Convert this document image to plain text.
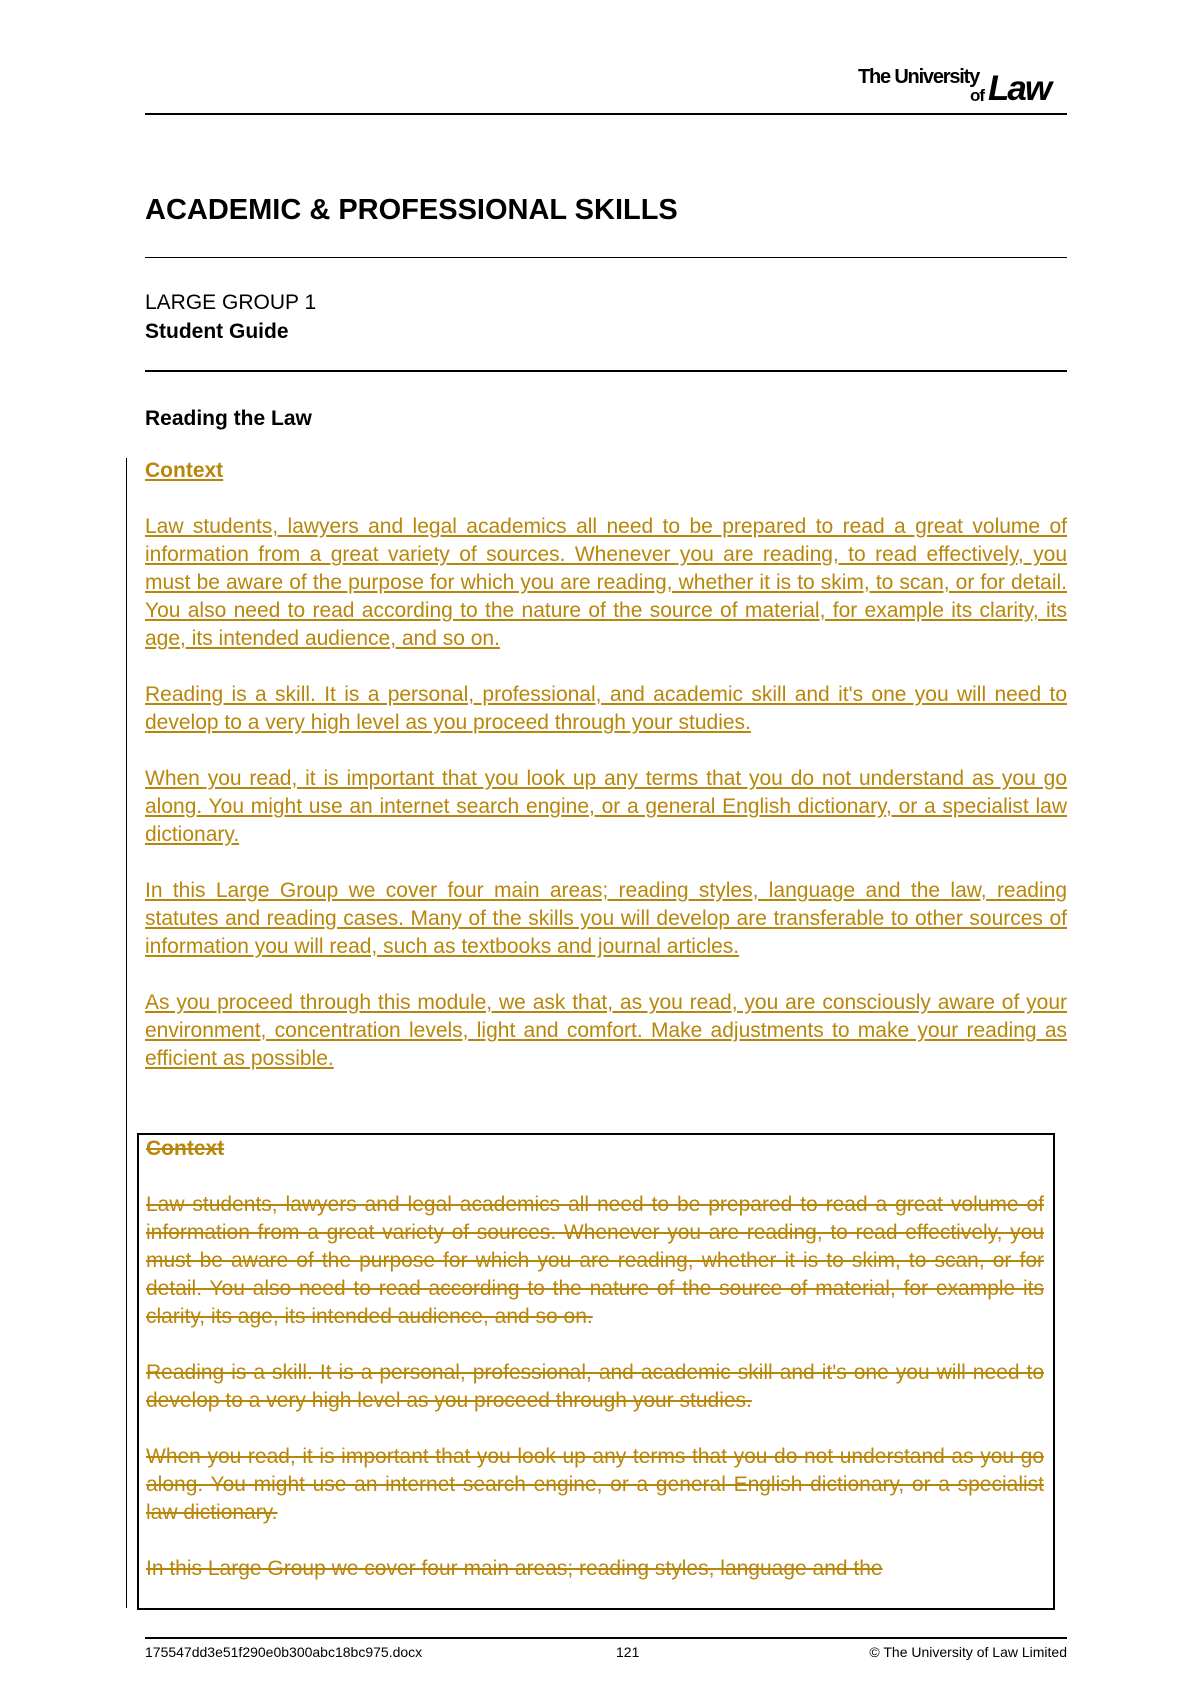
The University
of Law
ACADEMIC & PROFESSIONAL SKILLS
LARGE GROUP 1
Student Guide
Reading the Law
Context

Law students, lawyers and legal academics all need to be prepared to read a great volume of information from a great variety of sources. Whenever you are reading, to read effectively, you must be aware of the purpose for which you are reading, whether it is to skim, to scan, or for detail. You also need to read according to the nature of the source of material, for example its clarity, its age, its intended audience, and so on.

Reading is a skill. It is a personal, professional, and academic skill and it's one you will need to develop to a very high level as you proceed through your studies.

When you read, it is important that you look up any terms that you do not understand as you go along. You might use an internet search engine, or a general English dictionary, or a specialist law dictionary.

In this Large Group we cover four main areas; reading styles, language and the law, reading statutes and reading cases. Many of the skills you will develop are transferable to other sources of information you will read, such as textbooks and journal articles.

As you proceed through this module, we ask that, as you read, you are consciously aware of your environment, concentration levels, light and comfort. Make adjustments to make your reading as efficient as possible.

Context

Law students, lawyers and legal academics all need to be prepared to read a great volume of information from a great variety of sources. Whenever you are reading, to read effectively, you must be aware of the purpose for which you are reading, whether it is to skim, to scan, or for detail. You also need to read according to the nature of the source of material, for example its clarity, its age, its intended audience, and so on.

Reading is a skill. It is a personal, professional, and academic skill and it's one you will need to develop to a very high level as you proceed through your studies.

When you read, it is important that you look up any terms that you do not understand as you go along. You might use an internet search engine, or a general English dictionary, or a specialist law dictionary.

In this Large Group we cover four main areas; reading styles, language and the

175547dd3e51f290e0b300abc18bc975.docx	121	© The University of Law Limited
